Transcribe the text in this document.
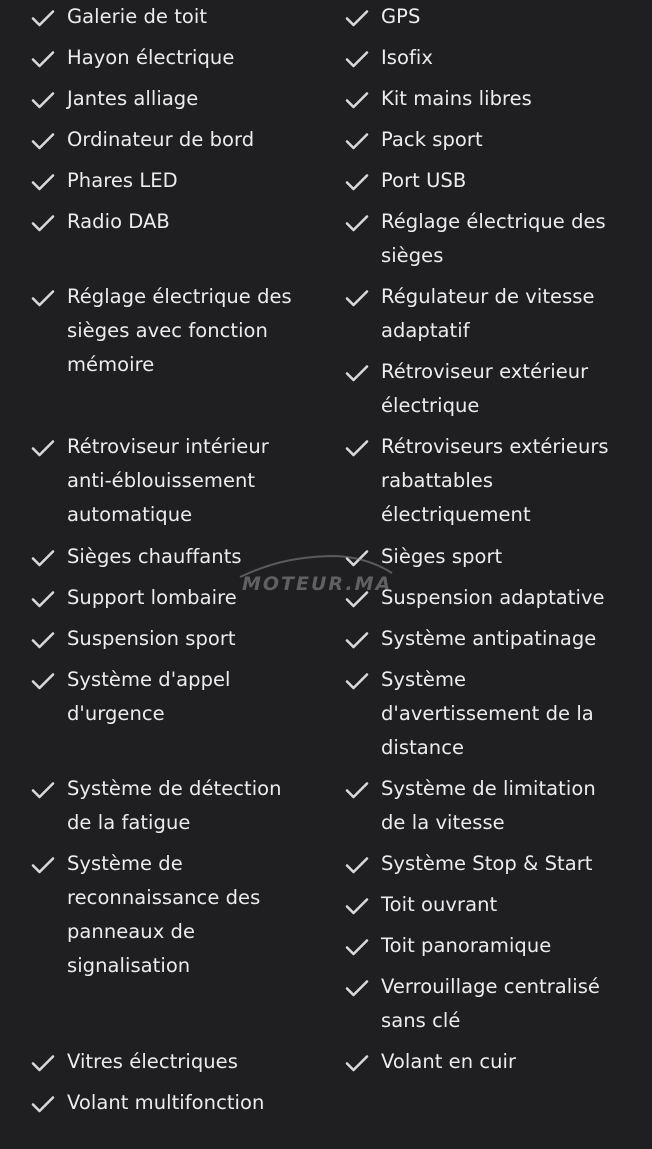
Galerie de toit	GPS
Hayon électrique	Isofix
Jantes alliage	Kit mains libres
Ordinateur de bord	Pack sport
Phares LED	Port USB
Radio DAB	Réglage électrique des
sièges
Réglage électrique des
sièges avec fonction
mémoire
Régulateur de vitesse
adaptatif
Rétroviseur extérieur
électrique
Rétroviseur intérieur
anti-éblouissement
automatique
Rétroviseurs extérieurs
rabattables
électriquement
Sièges chauffants	Sièges sport
Support lombaire	Suspension adaptative
Suspension sport	Système antipatinage
Système d'appel
d'urgence
Système
d'avertissement de la
distance
Système de détection
de la fatigue
Système de limitation
de la vitesse
Système de
reconnaissance des
panneaux de
signalisation
Système Stop & Start
Toit ouvrant
Toit panoramique
Verrouillage centralisé
sans clé
Vitres électriques	Volant en cuir
Volant multifonction
MOTEUR.MA
